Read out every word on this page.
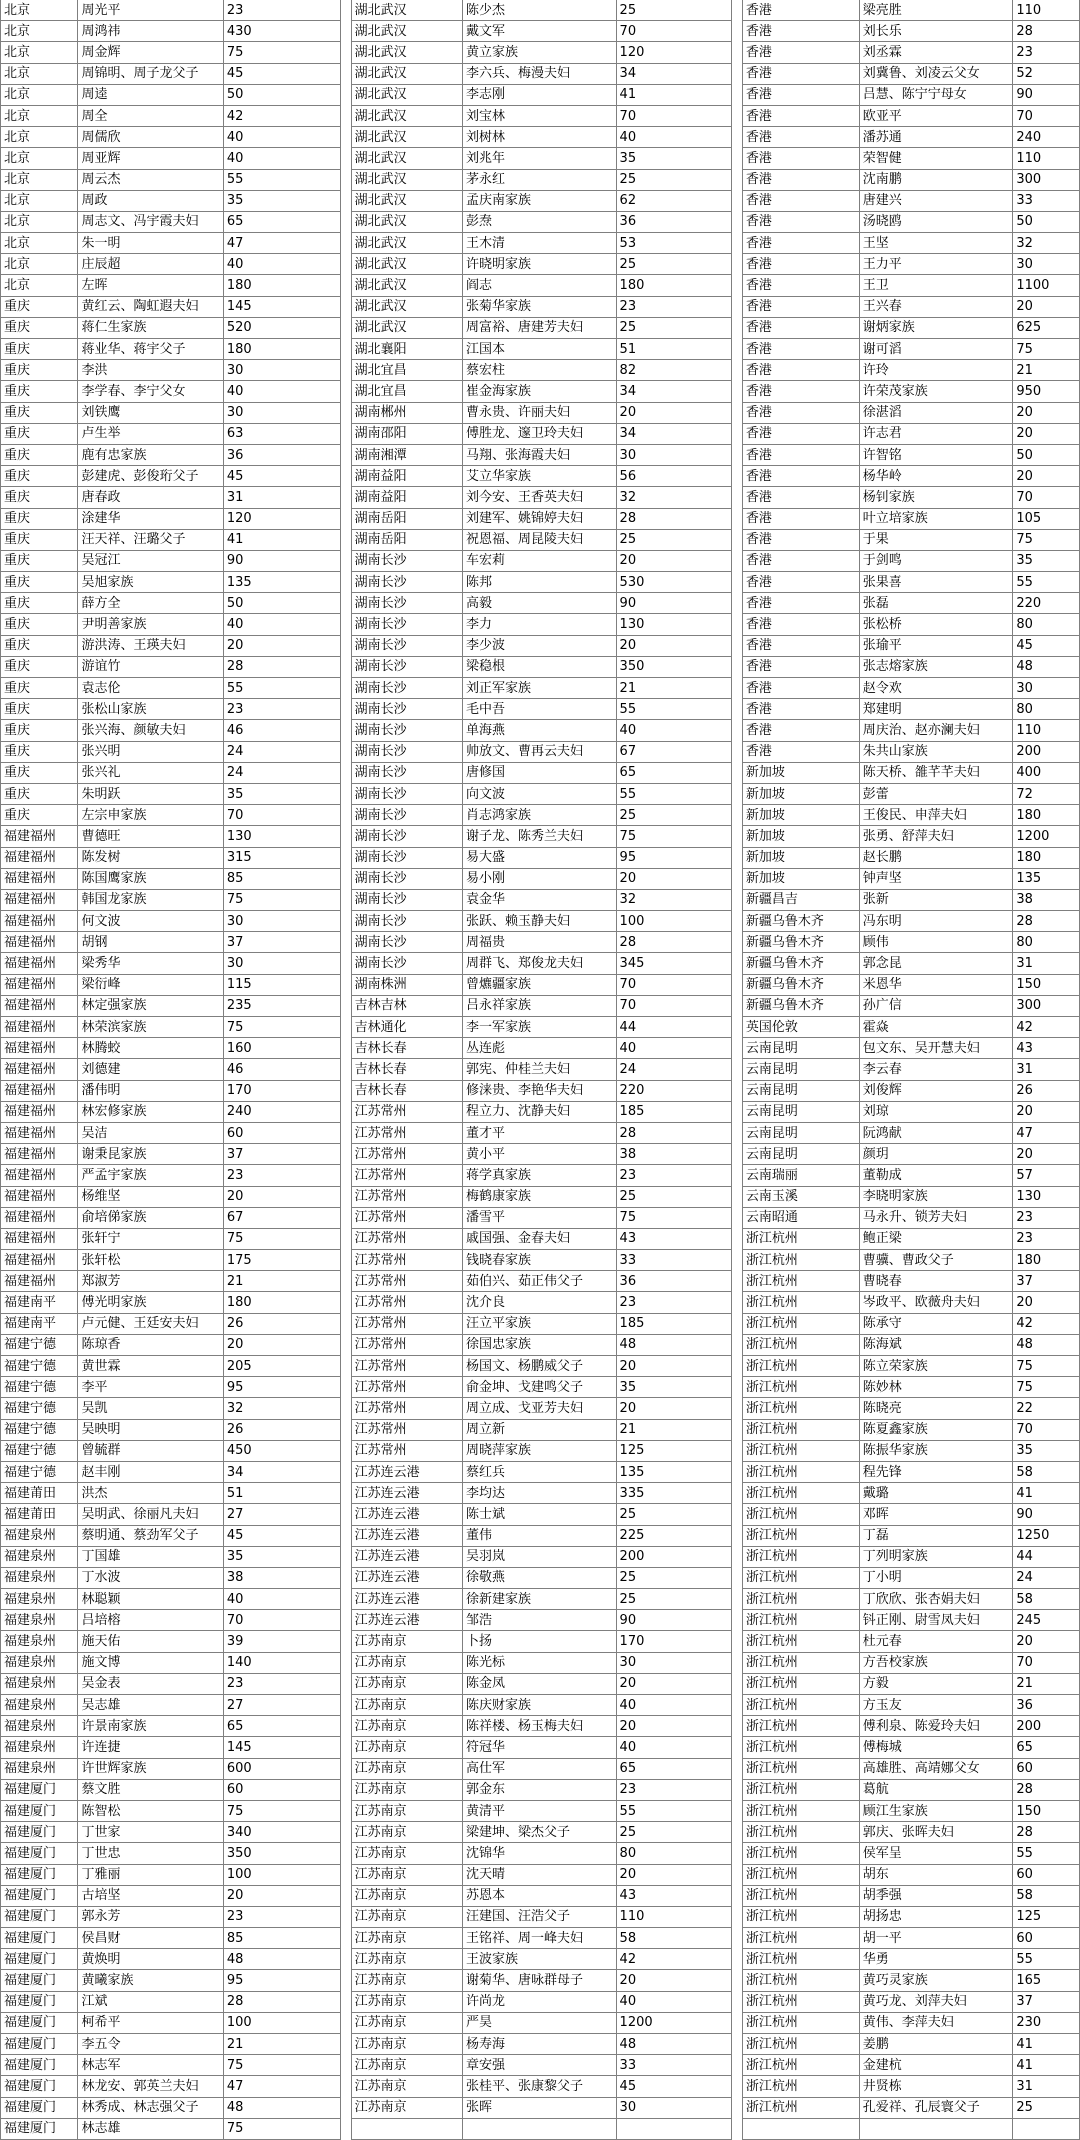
北京	周光平	23		湖北武汉	陈少杰	25		香港	梁亮胜	110
北京	周鸿祎	430		湖北武汉	戴文军	70		香港	刘长乐	28
北京	周金辉	75		湖北武汉	黄立家族	120		香港	刘丞霖	23
北京	周锦明、周子龙父子	45		湖北武汉	李六兵、梅漫夫妇	34		香港	刘冀鲁、刘凌云父女	52
北京	周逵	50		湖北武汉	李志刚	41		香港	吕慧、陈宁宁母女	90
北京	周全	42		湖北武汉	刘宝林	70		香港	欧亚平	70
北京	周儒欣	40		湖北武汉	刘树林	40		香港	潘苏通	240
北京	周亚辉	40		湖北武汉	刘兆年	35		香港	荣智健	110
北京	周云杰	55		湖北武汉	茅永红	25		香港	沈南鹏	300
北京	周政	35		湖北武汉	孟庆南家族	62		香港	唐建兴	33
北京	周志文、冯宇霞夫妇	65		湖北武汉	彭焘	36		香港	汤晓鸥	50
北京	朱一明	47		湖北武汉	王木清	53		香港	王坚	32
北京	庄辰超	40		湖北武汉	许晓明家族	25		香港	王力平	30
北京	左晖	180		湖北武汉	阎志	180		香港	王卫	1100
重庆	黄红云、陶虹遐夫妇	145		湖北武汉	张菊华家族	23		香港	王兴春	20
重庆	蒋仁生家族	520		湖北武汉	周富裕、唐建芳夫妇	25		香港	谢炳家族	625
重庆	蒋业华、蒋宇父子	180		湖北襄阳	江国本	51		香港	谢可滔	75
重庆	李洪	30		湖北宜昌	蔡宏柱	82		香港	许玲	21
重庆	李学春、李宁父女	40		湖北宜昌	崔金海家族	34		香港	许荣茂家族	950
重庆	刘铁鹰	30		湖南郴州	曹永贵、许丽夫妇	20		香港	徐湛滔	20
重庆	卢生举	63		湖南邵阳	傅胜龙、邃卫玲夫妇	34		香港	许志君	20
重庆	鹿有忠家族	36		湖南湘潭	马翔、张海霞夫妇	30		香港	许智铭	50
重庆	彭建虎、彭俊珩父子	45		湖南益阳	艾立华家族	56		香港	杨华岭	20
重庆	唐春政	31		湖南益阳	刘今安、王香英夫妇	32		香港	杨钊家族	70
重庆	涂建华	120		湖南岳阳	刘建军、姚锦婷夫妇	28		香港	叶立培家族	105
重庆	汪天祥、汪璐父子	41		湖南岳阳	祝恩福、周昆陵夫妇	25		香港	于果	75
重庆	吴冠江	90		湖南长沙	车宏莉	20		香港	于剑鸣	35
重庆	吴旭家族	135		湖南长沙	陈邦	530		香港	张果喜	55
重庆	薛方全	50		湖南长沙	高毅	90		香港	张磊	220
重庆	尹明善家族	40		湖南长沙	李力	130		香港	张松桥	80
重庆	游洪涛、王瑛夫妇	20		湖南长沙	李少波	20		香港	张瑜平	45
重庆	游谊竹	28		湖南长沙	梁稳根	350		香港	张志熔家族	48
重庆	袁志伦	55		湖南长沙	刘正军家族	21		香港	赵令欢	30
重庆	张松山家族	23		湖南长沙	毛中吾	55		香港	郑建明	80
重庆	张兴海、颜敏夫妇	46		湖南长沙	单海燕	40		香港	周庆治、赵亦澜夫妇	110
重庆	张兴明	24		湖南长沙	帅放文、曹再云夫妇	67		香港	朱共山家族	200
重庆	张兴礼	24		湖南长沙	唐修国	65		新加坡	陈天桥、雒芊芊夫妇	400
重庆	朱明跃	35		湖南长沙	向文波	55		新加坡	彭蕾	72
重庆	左宗申家族	70		湖南长沙	肖志鸿家族	25		新加坡	王俊民、申萍夫妇	180
福建福州	曹德旺	130		湖南长沙	谢子龙、陈秀兰夫妇	75		新加坡	张勇、舒萍夫妇	1200
福建福州	陈发树	315		湖南长沙	易大盛	95		新加坡	赵长鹏	180
福建福州	陈国鹰家族	85		湖南长沙	易小刚	20		新加坡	钟声坚	135
福建福州	韩国龙家族	75		湖南长沙	袁金华	32		新疆昌吉	张新	38
福建福州	何文波	30		湖南长沙	张跃、赖玉静夫妇	100		新疆乌鲁木齐	冯东明	28
福建福州	胡钢	37		湖南长沙	周福贵	28		新疆乌鲁木齐	顾伟	80
福建福州	梁秀华	30		湖南长沙	周群飞、郑俊龙夫妇	345		新疆乌鲁木齐	郭念昆	31
福建福州	梁衍峰	115		湖南株洲	曾爊疆家族	70		新疆乌鲁木齐	米恩华	150
福建福州	林定强家族	235		吉林吉林	吕永祥家族	70		新疆乌鲁木齐	孙广信	300
福建福州	林荣滨家族	75		吉林通化	李一军家族	44		英国伦敦	霍焱	42
福建福州	林腾蛟	160		吉林长春	丛连彪	40		云南昆明	包文东、吴开慧夫妇	43
福建福州	刘德建	46		吉林长春	郭宪、仲桂兰夫妇	24		云南昆明	李云春	31
福建福州	潘伟明	170		吉林长春	修涞贵、李艳华夫妇	220		云南昆明	刘俊辉	26
福建福州	林宏修家族	240		江苏常州	程立力、沈静夫妇	185		云南昆明	刘琼	20
福建福州	吴洁	60		江苏常州	董才平	28		云南昆明	阮鸿献	47
福建福州	谢秉昆家族	37		江苏常州	黄小平	38		云南昆明	颜玥	20
福建福州	严孟宇家族	23		江苏常州	蒋学真家族	23		云南瑞丽	董勒成	57
福建福州	杨维坚	20		江苏常州	梅鹤康家族	25		云南玉溪	李晓明家族	130
福建福州	俞培俤家族	67		江苏常州	潘雪平	75		云南昭通	马永升、锁芳夫妇	23
福建福州	张轩宁	75		江苏常州	戚国强、金春夫妇	43		浙江杭州	鲍正梁	23
福建福州	张轩松	175		江苏常州	钱晓春家族	33		浙江杭州	曹骥、曹政父子	180
福建福州	郑淑芳	21		江苏常州	茹伯兴、茹正伟父子	36		浙江杭州	曹晓春	37
福建南平	傅光明家族	180		江苏常州	沈介良	23		浙江杭州	岑政平、欧薇舟夫妇	20
福建南平	卢元健、王廷安夫妇	26		江苏常州	汪立平家族	185		浙江杭州	陈承守	42
福建宁德	陈琼香	20		江苏常州	徐国忠家族	48		浙江杭州	陈海斌	48
福建宁德	黄世霖	205		江苏常州	杨国文、杨鹏威父子	20		浙江杭州	陈立荣家族	75
福建宁德	李平	95		江苏常州	俞金坤、戈建鸣父子	35		浙江杭州	陈妙林	75
福建宁德	吴凯	32		江苏常州	周立成、戈亚芳夫妇	20		浙江杭州	陈晓亮	22
福建宁德	吴映明	26		江苏常州	周立新	21		浙江杭州	陈夏鑫家族	70
福建宁德	曾毓群	450		江苏常州	周晓萍家族	125		浙江杭州	陈振华家族	35
福建宁德	赵丰刚	34		江苏连云港	蔡红兵	135		浙江杭州	程先锋	58
福建莆田	洪杰	51		江苏连云港	李均达	335		浙江杭州	戴璐	41
福建莆田	吴明武、徐丽凡夫妇	27		江苏连云港	陈士斌	25		浙江杭州	邓晖	90
福建泉州	蔡明通、蔡劲军父子	45		江苏连云港	董伟	225		浙江杭州	丁磊	1250
福建泉州	丁国雄	35		江苏连云港	吴羽岚	200		浙江杭州	丁列明家族	44
福建泉州	丁水波	38		江苏连云港	徐敬燕	25		浙江杭州	丁小明	24
福建泉州	林聪颖	40		江苏连云港	徐新建家族	25		浙江杭州	丁欣欣、张杏娟夫妇	58
福建泉州	吕培榕	70		江苏连云港	邹浩	90		浙江杭州	钭正刚、尉雪凤夫妇	245
福建泉州	施天佑	39		江苏南京	卜扬	170		浙江杭州	杜元春	20
福建泉州	施文博	140		江苏南京	陈光标	30		浙江杭州	方吾校家族	70
福建泉州	吴金表	23		江苏南京	陈金凤	20		浙江杭州	方毅	21
福建泉州	吴志雄	27		江苏南京	陈庆财家族	40		浙江杭州	方玉友	36
福建泉州	许景南家族	65		江苏南京	陈祥楼、杨玉梅夫妇	20		浙江杭州	傅利泉、陈爱玲夫妇	200
福建泉州	许连捷	145		江苏南京	符冠华	40		浙江杭州	傅梅城	65
福建泉州	许世辉家族	600		江苏南京	高仕军	65		浙江杭州	高雄胜、高靖娜父女	60
福建厦门	蔡文胜	60		江苏南京	郭金东	23		浙江杭州	葛航	28
福建厦门	陈智松	75		江苏南京	黄清平	55		浙江杭州	顾江生家族	150
福建厦门	丁世家	340		江苏南京	梁建坤、梁杰父子	25		浙江杭州	郭庆、张晖夫妇	28
福建厦门	丁世忠	350		江苏南京	沈锦华	80		浙江杭州	侯军呈	55
福建厦门	丁雅丽	100		江苏南京	沈天晴	20		浙江杭州	胡东	60
福建厦门	古培坚	20		江苏南京	苏恩本	43		浙江杭州	胡季强	58
福建厦门	郭永芳	23		江苏南京	汪建国、汪浩父子	110		浙江杭州	胡扬忠	125
福建厦门	侯昌财	85		江苏南京	王铭祥、周一峰夫妇	58		浙江杭州	胡一平	60
福建厦门	黄焕明	48		江苏南京	王波家族	42		浙江杭州	华勇	55
福建厦门	黄曦家族	95		江苏南京	谢菊华、唐咏群母子	20		浙江杭州	黄巧灵家族	165
福建厦门	江斌	28		江苏南京	许尚龙	40		浙江杭州	黄巧龙、刘萍夫妇	37
福建厦门	柯希平	100		江苏南京	严昊	1200		浙江杭州	黄伟、李萍夫妇	230
福建厦门	李五令	21		江苏南京	杨寿海	48		浙江杭州	姜鹏	41
福建厦门	林志军	75		江苏南京	章安强	33		浙江杭州	金建杭	41
福建厦门	林龙安、郭英兰夫妇	47		江苏南京	张桂平、张康黎父子	45		浙江杭州	井贤栋	31
福建厦门	林秀成、林志强父子	48		江苏南京	张晖	30		浙江杭州	孔爱祥、孔辰寰父子	25
福建厦门	林志雄	75								
